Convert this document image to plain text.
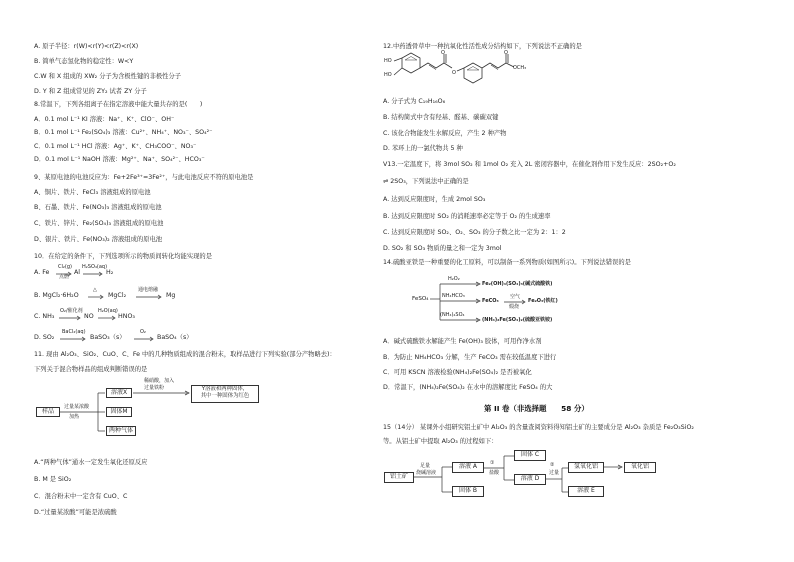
A. 原子半径：r(W)<r(Y)<r(Z)<r(X)
B. 简单气态氢化物的稳定性：W<Y
C.W 和 X 组成的 XW₂ 分子为含极性键的非极性分子
D. Y 和 Z 组成常见的 ZY₂ 试者 ZY 分子
8.常温下，下列各组离子在指定溶液中能大量共存的是(　　)
A．0.1 mol L⁻¹ KI 溶液：Na⁺、K⁺、ClO⁻、OH⁻
B．0.1 mol L⁻¹ Fe₂(SO₄)₃ 溶液：Cu²⁺、NH₄⁺、NO₃⁻、SO₄²⁻
C．0.1 mol L⁻¹ HCl 溶液：Ag⁺、K⁺、CH₃COO⁻、NO₃⁻
D．0.1 mol L⁻¹ NaOH 溶液：Mg²⁺、Na⁺、SO₄²⁻、HCO₃⁻
9、某原电池的电池反应为：Fe+2Fe³⁺=3Fe²⁺，与此电池反应不符的原电池是
A、铜片、铁片、FeCl₃ 溶液组成的原电池
B、石墨、铁片、Fe(NO₃)₃ 溶液组成的原电池
C、铁片、锌片、Fe₂(SO₄)₃ 溶液组成的原电池
D、银片、铁片、Fe(NO₃)₂ 溶液组成的原电池
10．在给定的条件下，下列选项所示的物质间转化均能实现的是
A. Fe
Cl₂(g)
点燃
Al
H₂SO₄(aq)
H₂
B. MgCl₂·6H₂O
△
MgCl₂
通电熔融
Mg
C. NH₃
O₂/催化剂
NO
H₂O(aq)
HNO₃
D. SO₂
BaCl₂(aq)
BaSO₃（s）
O₂
BaSO₄（s）
11. 现由 Al₂O₃、SiO₂、CuO、C、Fe 中的几种物质组成的混合粉末，取样品进行下列实验(部分产物略去)：
下列关于混合物样品的组成判断错误的是
样品
过量某浓酸
加热
溶液X
固体M
两种气体
稀硝酸，加入
过量铁粉	Y溶液和两种固体，
其中一种固体为红色
A.“两种气体”通水一定发生氧化还原反应
B. M 是 SiO₂
C．混合粉末中一定含有 CuO、C
D.“过量某浓酸”可能是浓硫酸
12.中药透骨草中一种抗氧化性活性成分结构如下，下列说法不正确的是
HO
HO
O
O
O
OCH₃
A. 分子式为 C₁₉H₁₆O₆
B. 结构简式中含有羟基、醛基、碳碳双键
C. 该化合物能发生水解反应，产生 2 种产物
D. 苯环上的一氯代物共 5 种
V13.一定温度下，将 3mol SO₂ 和 1mol O₂ 充入 2L 密闭容器中，在催化剂作用下发生反应：2SO₂+O₂
⇌ 2SO₃，下列说法中正确的是
A. 达到反应限度时，生成 2mol SO₃
B. 达到反应限度时 SO₂ 的消耗速率必定等于 O₂ 的生成速率
C. 达到反应限度时 SO₂、O₂、SO₃ 的分子数之比一定为 2：1：2
D. SO₂ 和 SO₃ 物质的量之和一定为 3mol
14.硫酸亚铁是一种重要的化工原料，可以制备一系列物质(如图所示)。下列说法错误的是
FeSO₄
H₂O₂
Fe₂(OH)₄(SO₄)₃(碱式硫酸铁)
NH₄HCO₃
FeCO₃
空气
煅烧
Fe₂O₃(铁红)
(NH₄)₂SO₄
(NH₄)₂Fe(SO₄)₂(硫酸亚铁铵)
A．碱式硫酸铁水解能产生 Fe(OH)₃ 胶体，可用作净水剂
B．为防止 NH₄HCO₃ 分解，生产 FeCO₃ 需在较低温度下进行
C．可用 KSCN 溶液检验(NH₄)₂Fe(SO₄)₂ 是否被氧化
D．常温下，(NH₄)₂Fe(SO₄)₂ 在水中的溶解度比 FeSO₄ 的大
第 II 卷（非选择题　　58 分）
15（14分） 某课外小组研究铝土矿中 Al₂O₃ 的含量查阅资料得知铝土矿的主要成分是 Al₂O₃ 杂质是 Fe₂O₃SiO₂
等。从铝土矿中提取 Al₂O₃ 的过程如下：
铝土矿
足量
烧碱溶液
溶液 A
固体 B
①
盐酸
固体 C
溶液 D
②
过量
氢氧化铝
溶液 E
氧化铝
